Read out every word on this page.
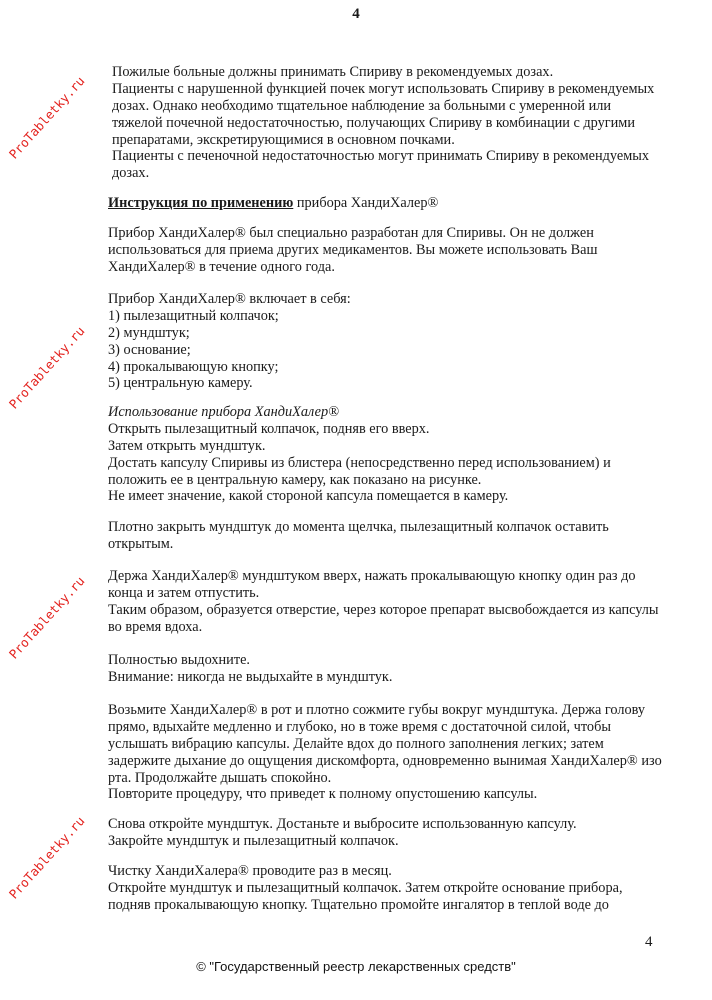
4
Пожилые больные должны принимать Спириву в рекомендуемых дозах.
Пациенты с нарушенной функцией почек могут использовать Спириву в рекомендуемых
дозах. Однако необходимо тщательное наблюдение за больными с умеренной или
тяжелой почечной недостаточностью, получающих Спириву в комбинации с другими
препаратами, экскретирующимися в основном почками.
Пациенты с печеночной недостаточностью могут принимать Спириву в рекомендуемых
дозах.
Инструкция по применению прибора ХандиХалер®
Прибор ХандиХалер® был специально разработан для Спиривы. Он не должен
использоваться для приема других медикаментов. Вы можете использовать Ваш
ХандиХалер® в течение одного года.
Прибор ХандиХалер® включает в себя:
1) пылезащитный колпачок;
2) мундштук;
3) основание;
4) прокалывающую кнопку;
5) центральную камеру.
Использование прибора ХандиХалер®
Открыть пылезащитный колпачок, подняв его вверх.
Затем открыть мундштук.
Достать капсулу Спиривы из блистера (непосредственно перед использованием) и
положить ее в центральную камеру, как показано на рисунке.
Не имеет значение, какой стороной капсула помещается в камеру.
Плотно закрыть мундштук до момента щелчка, пылезащитный колпачок оставить
открытым.
Держа ХандиХалер® мундштуком вверх, нажать прокалывающую кнопку один раз до
конца и затем отпустить.
Таким образом, образуется отверстие, через которое препарат высвобождается из капсулы
во время вдоха.
Полностью выдохните.
Внимание: никогда не выдыхайте в мундштук.
Возьмите ХандиХалер® в рот и плотно сожмите губы вокруг мундштука. Держа голову
прямо, вдыхайте медленно и глубоко, но в тоже время с достаточной силой, чтобы
услышать вибрацию капсулы. Делайте вдох до полного заполнения легких; затем
задержите дыхание до ощущения дискомфорта, одновременно вынимая ХандиХалер® изо
рта. Продолжайте дышать спокойно.
Повторите процедуру, что приведет к полному опустошению капсулы.
Снова откройте мундштук. Достаньте и выбросите использованную капсулу.
Закройте мундштук и пылезащитный колпачок.
Чистку ХандиХалера® проводите раз в месяц.
Откройте мундштук и пылезащитный колпачок. Затем откройте основание прибора,
подняв прокалывающую кнопку. Тщательно промойте ингалятор в теплой воде до
4
© "Государственный реестр лекарственных средств"
ProTabletky.ru
ProTabletky.ru
ProTabletky.ru
ProTabletky.ru
